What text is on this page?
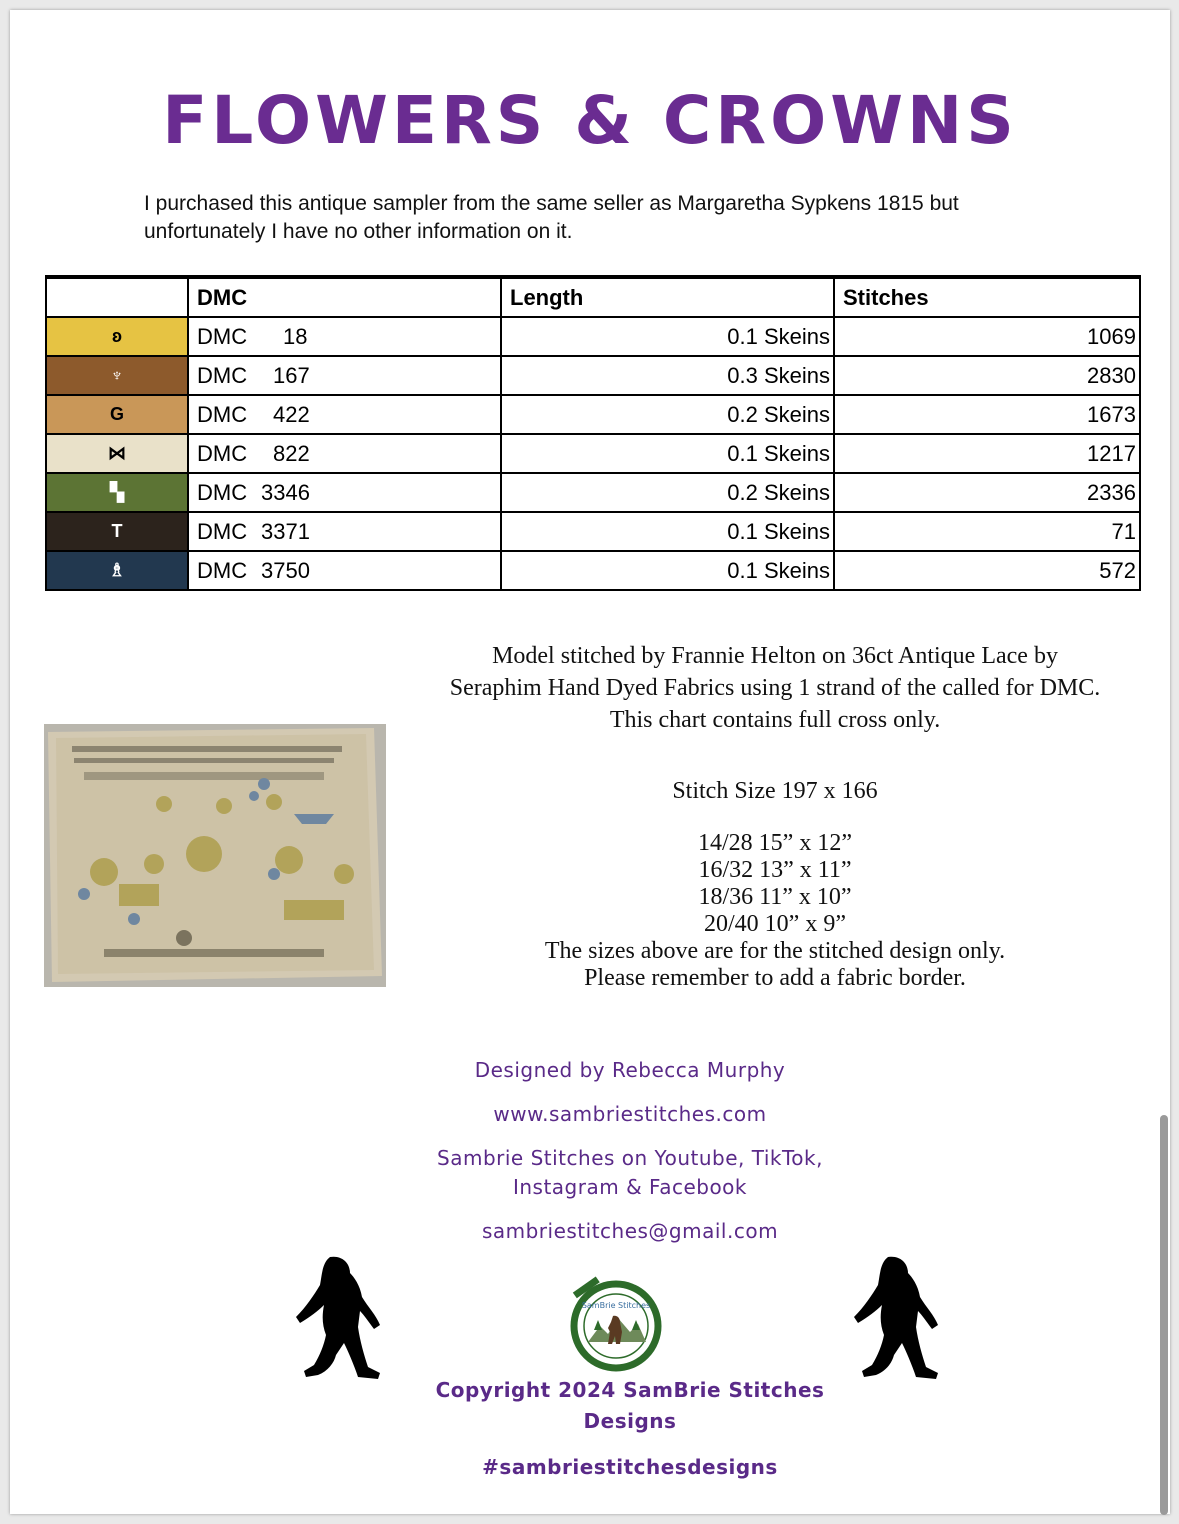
FLOWERS & CROWNS
I purchased this antique sampler from the same seller as Margaretha Sypkens 1815 but unfortunately I have no other information on it.
	DMC	Length	Stitches
ʚ	DMC 18	0.1 Skeins	1069
♆	DMC 167	0.3 Skeins	2830
G	DMC 422	0.2 Skeins	1673
⋈	DMC 822	0.1 Skeins	1217
▚	DMC 3346	0.2 Skeins	2336
T	DMC 3371	0.1 Skeins	71
♗	DMC 3750	0.1 Skeins	572
Model stitched by Frannie Helton on 36ct Antique Lace by
Seraphim Hand Dyed Fabrics using 1 strand of the called for DMC.
This chart contains full cross only.
Stitch Size 197 x 166
14/28 15” x 12”
16/32 13” x 11”
18/36 11” x 10”
20/40 10” x 9”
The sizes above are for the stitched design only.
Please remember to add a fabric border.
Designed by Rebecca Murphy
www.sambriestitches.com
Sambrie Stitches on Youtube, TikTok,
Instagram & Facebook
sambriestitches@gmail.com
Copyright 2024 SamBrie Stitches
Designs
#sambriestitchesdesigns
SamBrie Stitches
